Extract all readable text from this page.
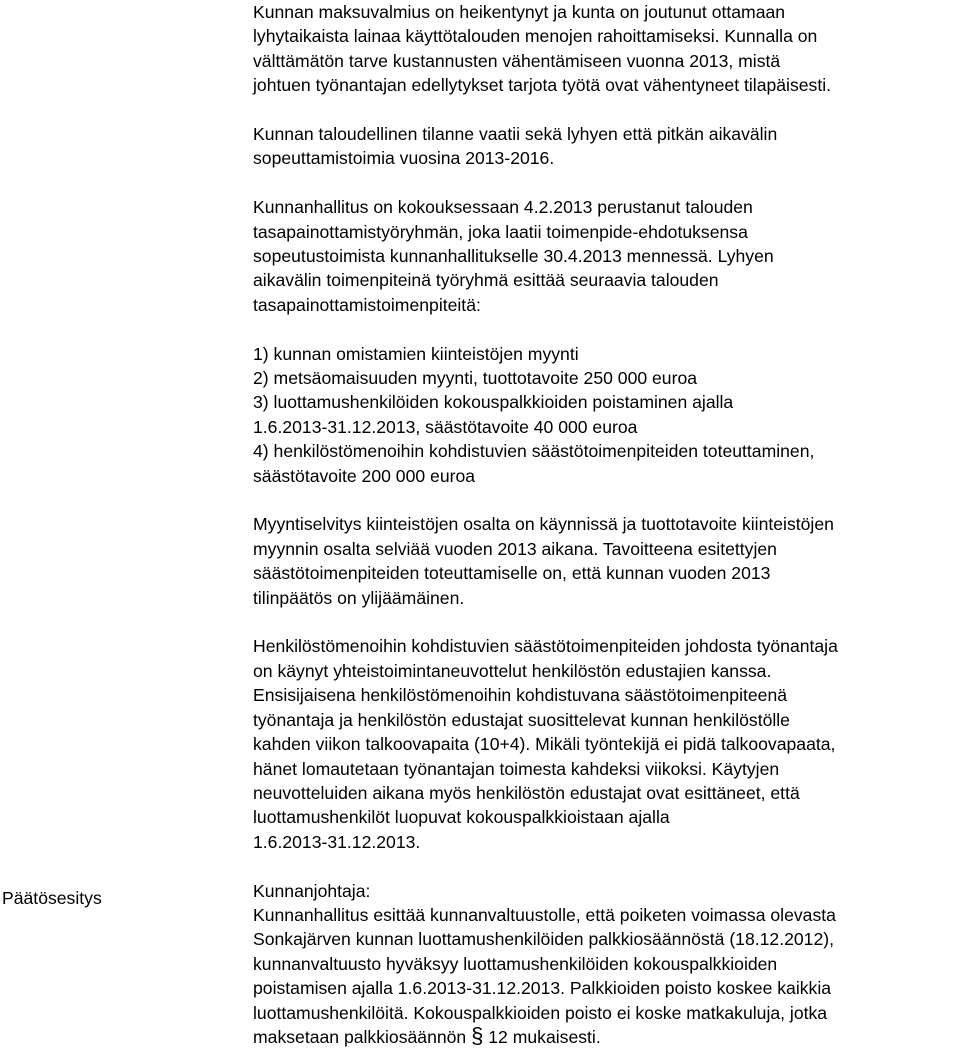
Päätösesitys
Kunnan maksuvalmius on heikentynyt ja kunta on joutunut ottamaan
lyhytaikaista lainaa käyttötalouden menojen rahoittamiseksi. Kunnalla on
välttämätön tarve kustannusten vähentämiseen vuonna 2013, mistä
johtuen työnantajan edellytykset tarjota työtä ovat vähentyneet tilapäisesti.
Kunnan taloudellinen tilanne vaatii sekä lyhyen että pitkän aikavälin
sopeuttamistoimia vuosina 2013-2016.
Kunnanhallitus on kokouksessaan 4.2.2013 perustanut talouden
tasapainottamistyöryhmän, joka laatii toimenpide-ehdotuksensa
sopeutustoimista kunnanhallitukselle 30.4.2013 mennessä. Lyhyen
aikavälin toimenpiteinä työryhmä esittää seuraavia talouden
tasapainottamistoimenpiteitä:
1) kunnan omistamien kiinteistöjen myynti
2) metsäomaisuuden myynti, tuottotavoite 250 000 euroa
3) luottamushenkilöiden kokouspalkkioiden poistaminen ajalla
1.6.2013-31.12.2013, säästötavoite 40 000 euroa
4) henkilöstömenoihin kohdistuvien säästötoimenpiteiden toteuttaminen,
säästötavoite 200 000 euroa
Myyntiselvitys kiinteistöjen osalta on käynnissä ja tuottotavoite kiinteistöjen
myynnin osalta selviää vuoden 2013 aikana. Tavoitteena esitettyjen
säästötoimenpiteiden toteuttamiselle on, että kunnan vuoden 2013
tilinpäätös on ylijäämäinen.
Henkilöstömenoihin kohdistuvien säästötoimenpiteiden johdosta työnantaja
on käynyt yhteistoimintaneuvottelut henkilöstön edustajien kanssa.
Ensisijaisena henkilöstömenoihin kohdistuvana säästötoimenpiteenä
työnantaja ja henkilöstön edustajat suosittelevat kunnan henkilöstölle
kahden viikon talkoovapaita (10+4). Mikäli työntekijä ei pidä talkoovapaata,
hänet lomautetaan työnantajan toimesta kahdeksi viikoksi. Käytyjen
neuvotteluiden aikana myös henkilöstön edustajat ovat esittäneet, että
luottamushenkilöt luopuvat kokouspalkkioistaan ajalla
1.6.2013-31.12.2013.
Kunnanjohtaja:
Kunnanhallitus esittää kunnanvaltuustolle, että poiketen voimassa olevasta
Sonkajärven kunnan luottamushenkilöiden palkkiosäännöstä (18.12.2012),
kunnanvaltuusto hyväksyy luottamushenkilöiden kokouspalkkioiden
poistamisen ajalla 1.6.2013-31.12.2013. Palkkioiden poisto koskee kaikkia
luottamushenkilöitä. Kokouspalkkioiden poisto ei koske matkakuluja, jotka
maksetaan palkkiosäännön § 12 mukaisesti.
